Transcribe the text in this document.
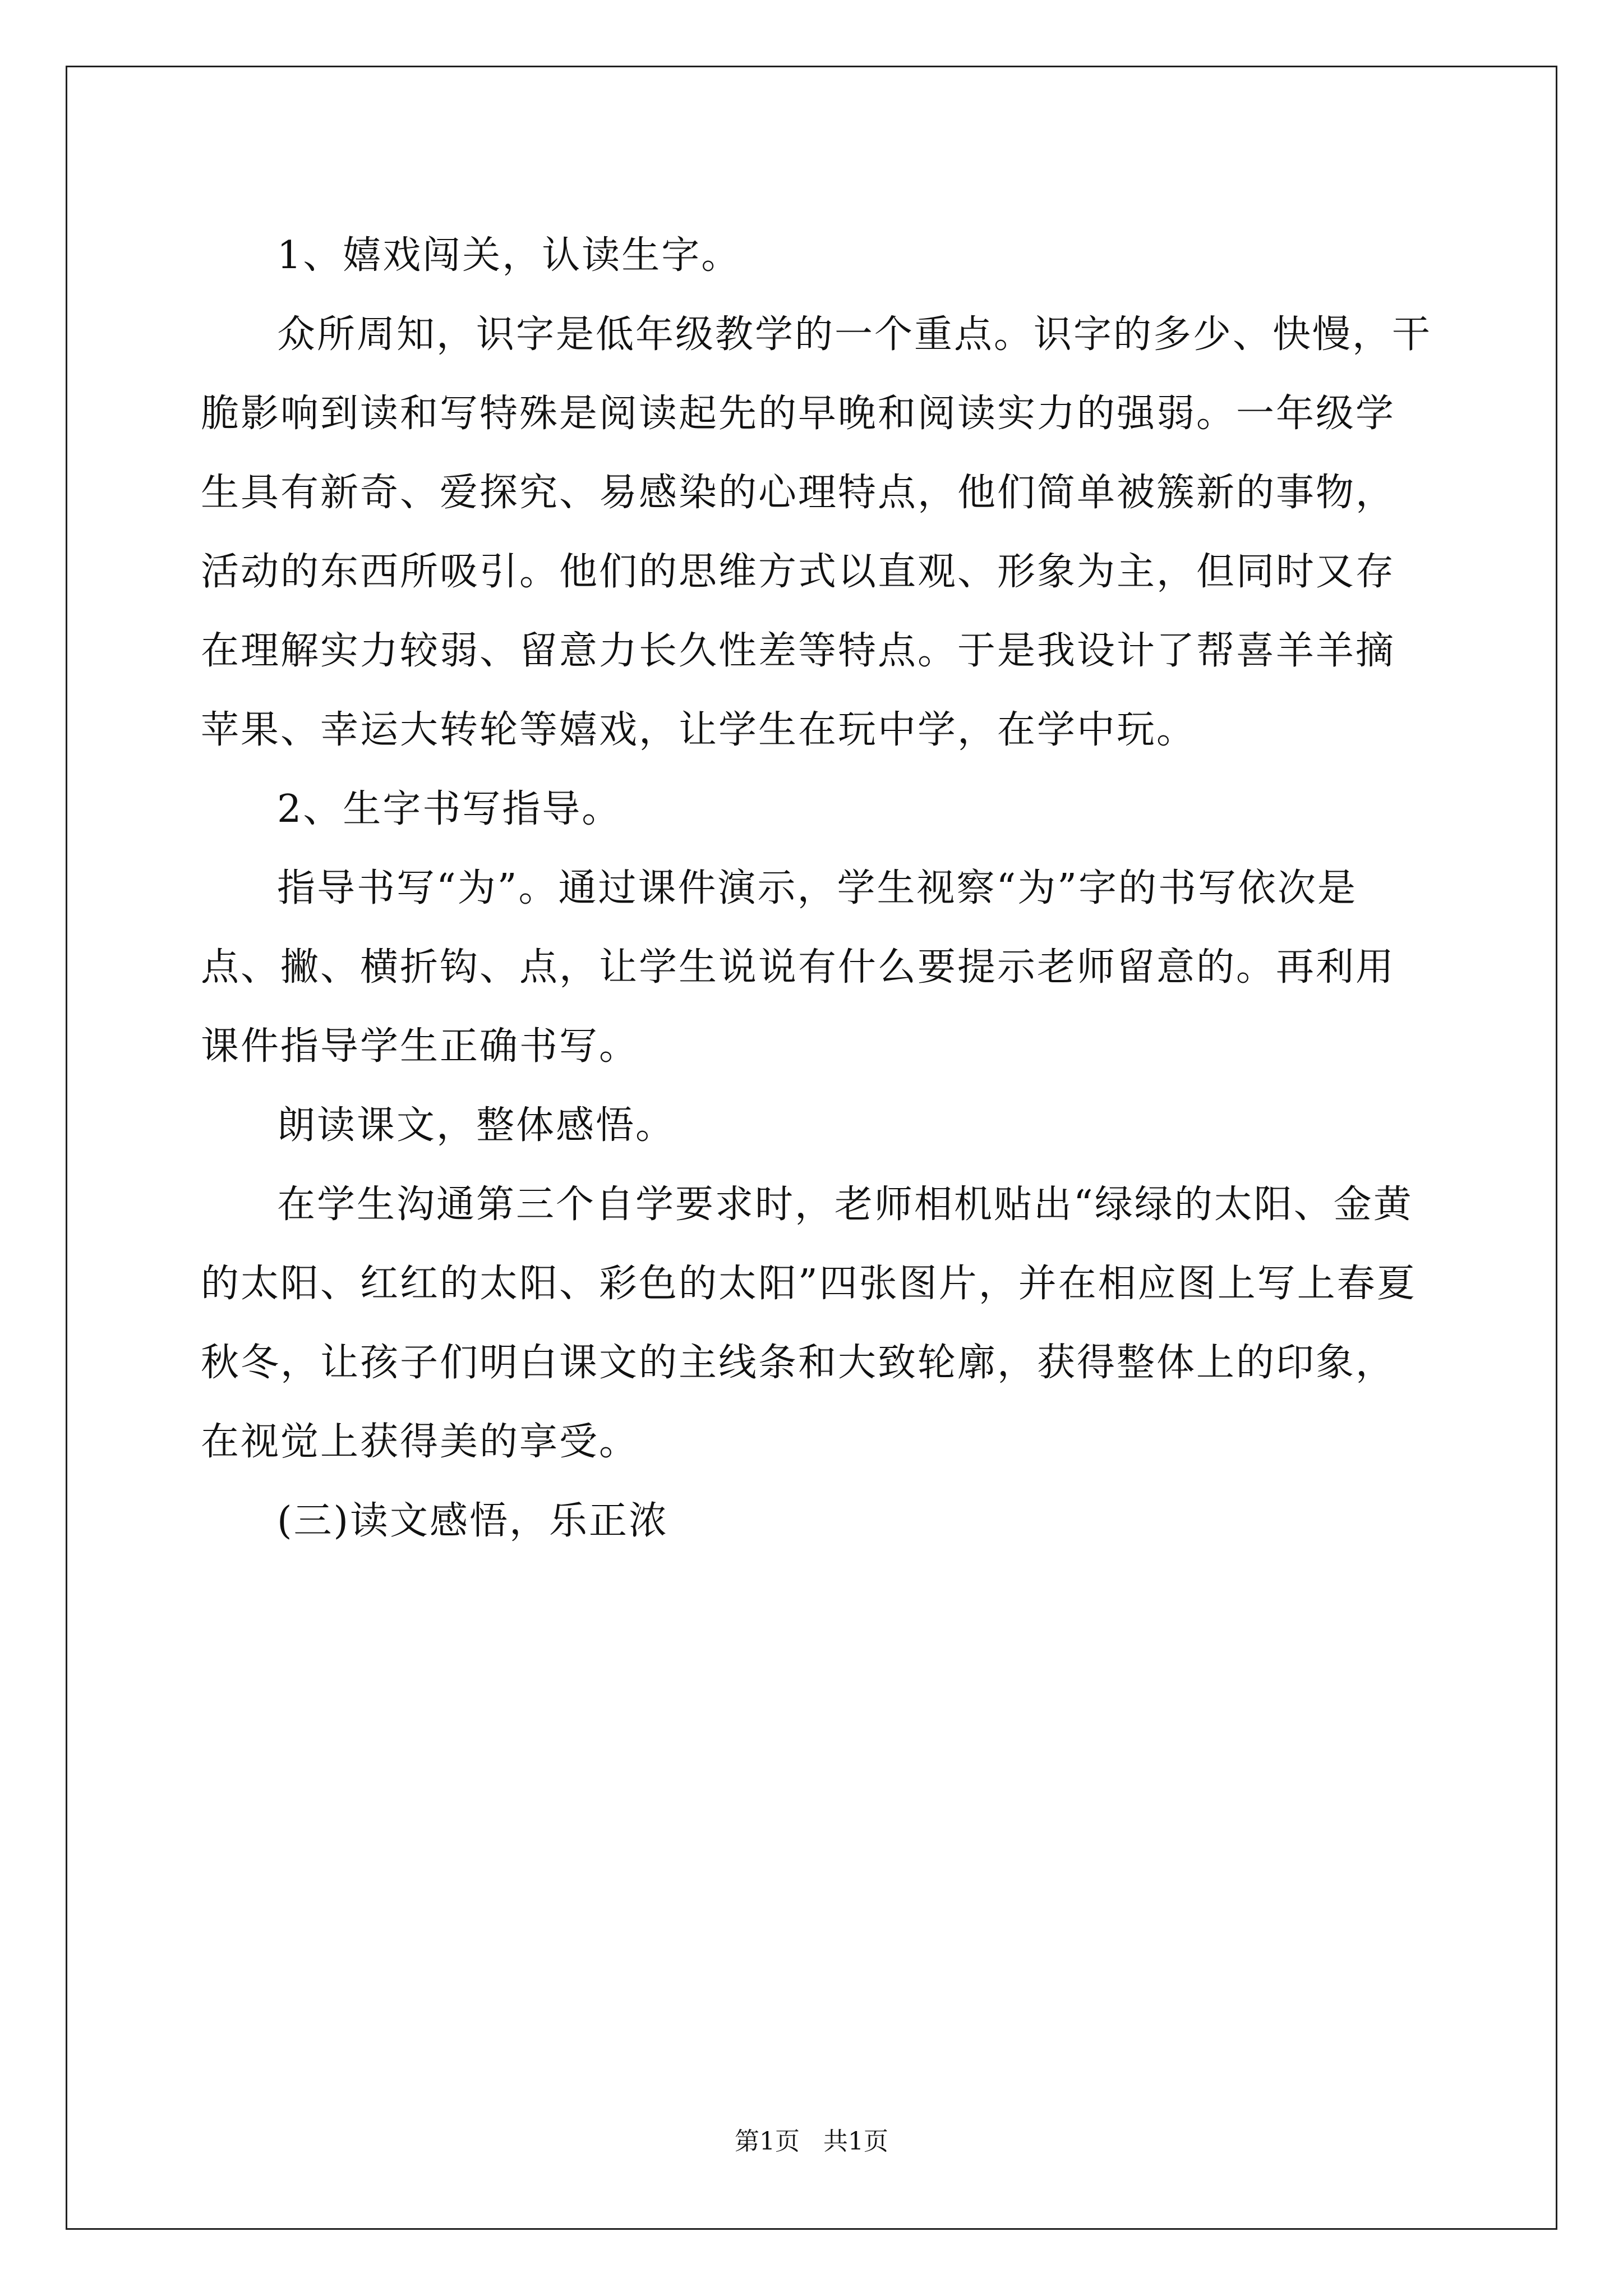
1、嬉戏闯关，认读生字。

众所周知，识字是低年级教学的一个重点。识字的多少、快慢，干脆影响到读和写特殊是阅读起先的早晚和阅读实力的强弱。一年级学生具有新奇、爱探究、易感染的心理特点，他们简单被簇新的事物，活动的东西所吸引。他们的思维方式以直观、形象为主，但同时又存在理解实力较弱、留意力长久性差等特点。于是我设计了帮喜羊羊摘苹果、幸运大转轮等嬉戏，让学生在玩中学，在学中玩。

2、生字书写指导。

指导书写“为”。通过课件演示，学生视察“为”字的书写依次是点、撇、横折钩、点，让学生说说有什么要提示老师留意的。再利用课件指导学生正确书写。

朗读课文，整体感悟。

在学生沟通第三个自学要求时，老师相机贴出“绿绿的太阳、金黄的太阳、红红的太阳、彩色的太阳”四张图片，并在相应图上写上春夏秋冬，让孩子们明白课文的主线条和大致轮廓，获得整体上的印象，在视觉上获得美的享受。

(三)读文感悟，乐正浓

第1页 共1页
